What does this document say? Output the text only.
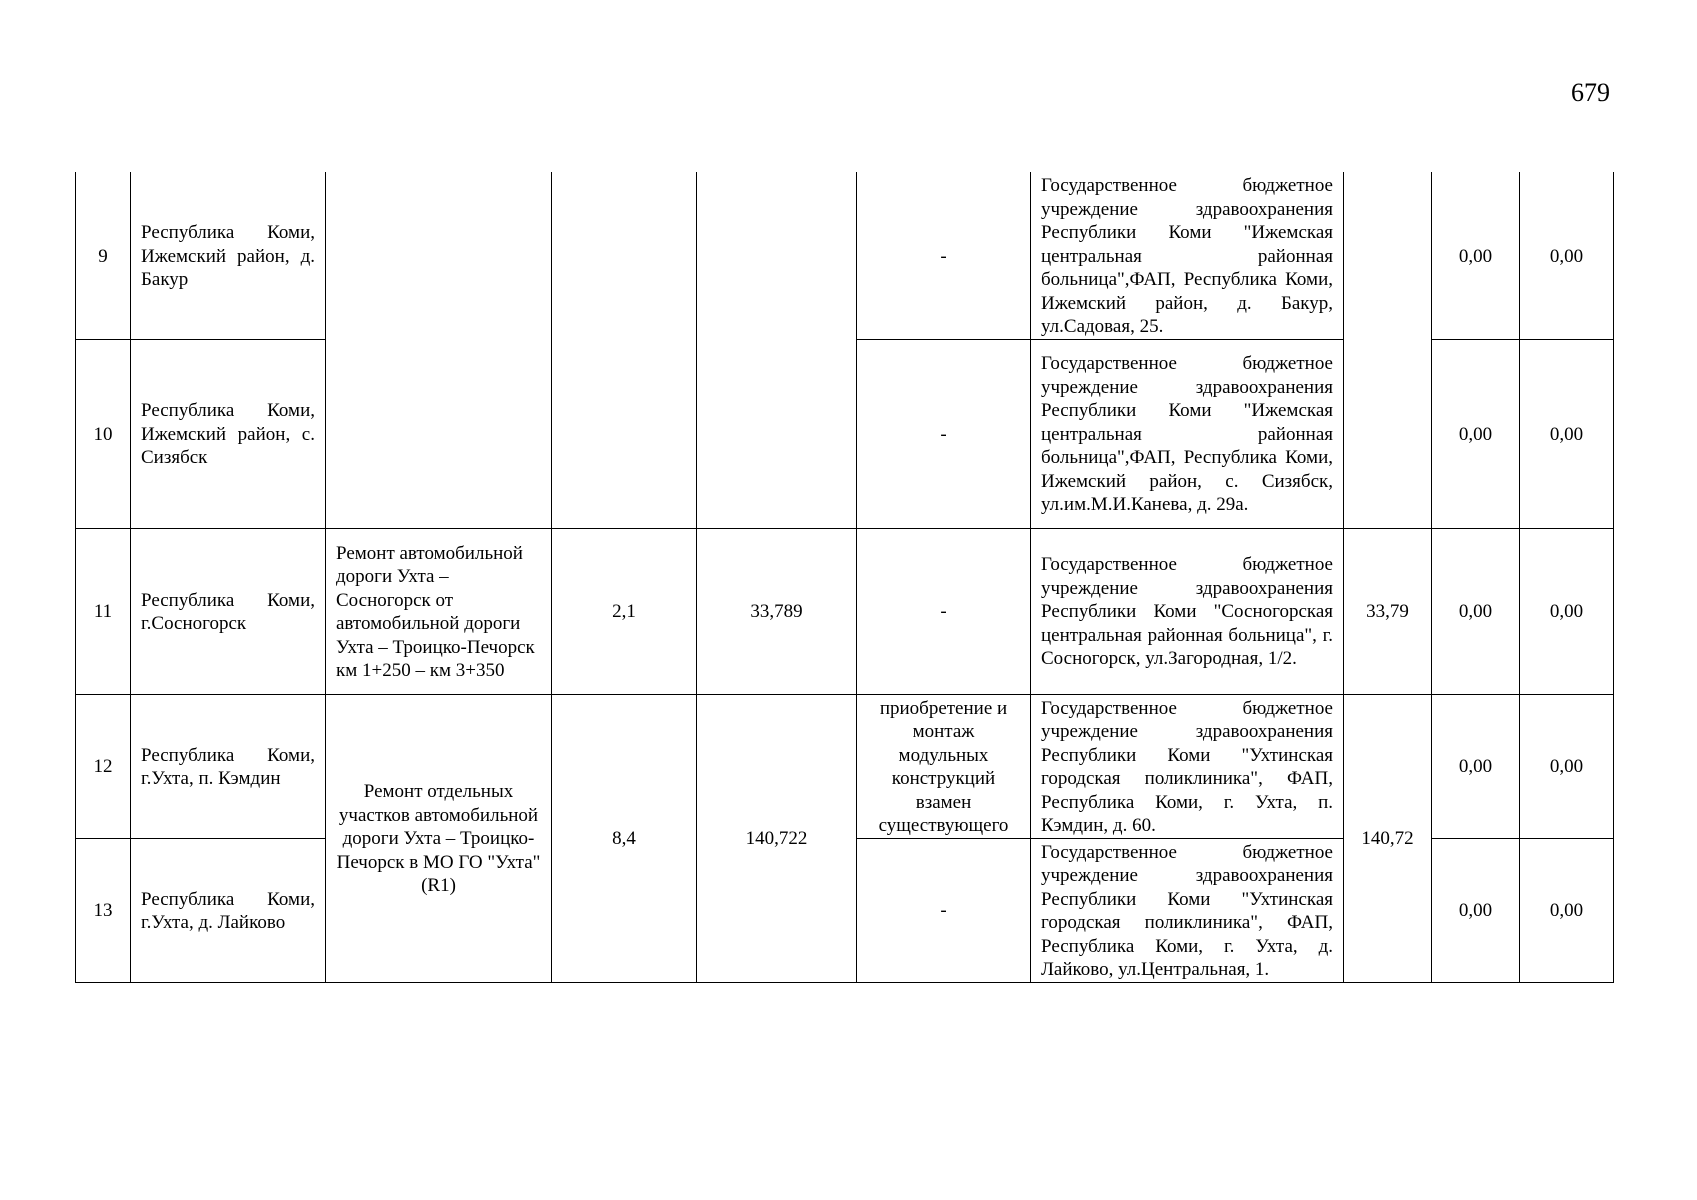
679
9	Республика Коми, Ижемский район, д. Бакур				-	Государственное бюджетное учреждение здравоохранения Республики Коми "Ижемская центральная районная больница",ФАП, Республика Коми, Ижемский район, д. Бакур, ул.Садовая, 25.		0,00	0,00
10	Республика Коми, Ижемский район, с. Сизябск				-	Государственное бюджетное учреждение здравоохранения Республики Коми "Ижемская центральная районная больница",ФАП, Республика Коми, Ижемский район, с. Сизябск, ул.им.М.И.Канева, д. 29а.		0,00	0,00
11	Республика Коми, г.Сосногорск	Ремонт автомобильной дороги Ухта – Сосногорск от автомобильной дороги Ухта – Троицко-Печорск км 1+250 – км 3+350	2,1	33,789	-	Государственное бюджетное учреждение здравоохранения Республики Коми "Сосногорская центральная районная больница", г. Сосногорск, ул.Загородная, 1/2.	33,79	0,00	0,00
12	Республика Коми, г.Ухта, п. Кэмдин	Ремонт отдельных участков автомобильной дороги Ухта – Троицко-Печорск в МО ГО "Ухта" (R1)	8,4	140,722	приобретение и монтаж модульных конструкций взамен существующего	Государственное бюджетное учреждение здравоохранения Республики Коми "Ухтинская городская поликлиника", ФАП, Республика Коми, г. Ухта, п. Кэмдин, д. 60.	140,72	0,00	0,00
13	Республика Коми, г.Ухта, д. Лайково				-	Государственное бюджетное учреждение здравоохранения Республики Коми "Ухтинская городская поликлиника", ФАП, Республика Коми, г. Ухта, д. Лайково, ул.Центральная, 1.		0,00	0,00
